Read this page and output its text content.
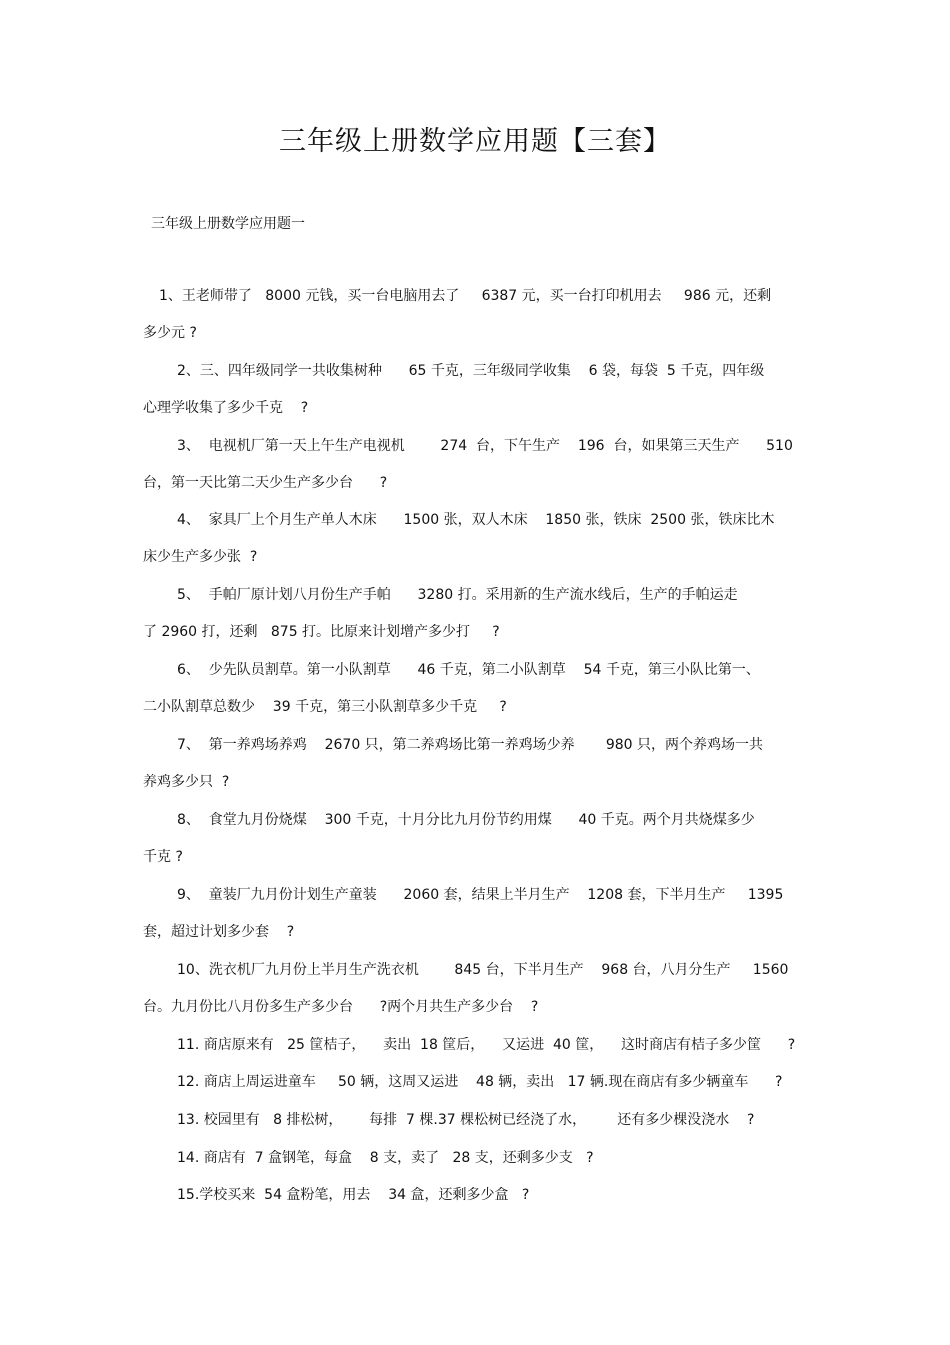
三年级上册数学应用题【三套】
三年级上册数学应用题一
1、王老师带了   8000 元钱，买一台电脑用去了     6387 元，买一台打印机用去     986 元，还剩
多少元 ?
2、三、四年级同学一共收集树种      65 千克，三年级同学收集    6 袋，每袋  5 千克，四年级
心理学收集了多少千克    ?
3、  电视机厂第一天上午生产电视机        274  台，下午生产    196  台，如果第三天生产      510
台，第一天比第二天少生产多少台      ?
4、  家具厂上个月生产单人木床      1500 张，双人木床    1850 张，铁床  2500 张，铁床比木
床少生产多少张  ?
5、  手帕厂原计划八月份生产手帕      3280 打。采用新的生产流水线后，生产的手帕运走
了 2960 打，还剩   875 打。比原来计划增产多少打     ?
6、  少先队员割草。第一小队割草      46 千克，第二小队割草    54 千克，第三小队比第一、
二小队割草总数少    39 千克，第三小队割草多少千克     ?
7、  第一养鸡场养鸡    2670 只，第二养鸡场比第一养鸡场少养       980 只，两个养鸡场一共
养鸡多少只  ?
8、  食堂九月份烧煤    300 千克，十月分比九月份节约用煤      40 千克。两个月共烧煤多少
千克 ?
9、  童装厂九月份计划生产童装      2060 套，结果上半月生产    1208 套，下半月生产     1395
套，超过计划多少套    ?
10、洗衣机厂九月份上半月生产洗衣机        845 台，下半月生产    968 台，八月分生产     1560
台。九月份比八月份多生产多少台      ?两个月共生产多少台    ?
11. 商店原来有   25 筐桔子，    卖出  18 筐后，    又运进  40 筐，    这时商店有桔子多少筐      ?
12. 商店上周运进童车     50 辆，这周又运进    48 辆，卖出   17 辆.现在商店有多少辆童车      ?
13. 校园里有   8 排松树，      每排  7 棵.37 棵松树已经浇了水，       还有多少棵没浇水    ?
14. 商店有  7 盒钢笔，每盒    8 支，卖了   28 支，还剩多少支   ?
15.学校买来  54 盒粉笔，用去    34 盒，还剩多少盒   ?
